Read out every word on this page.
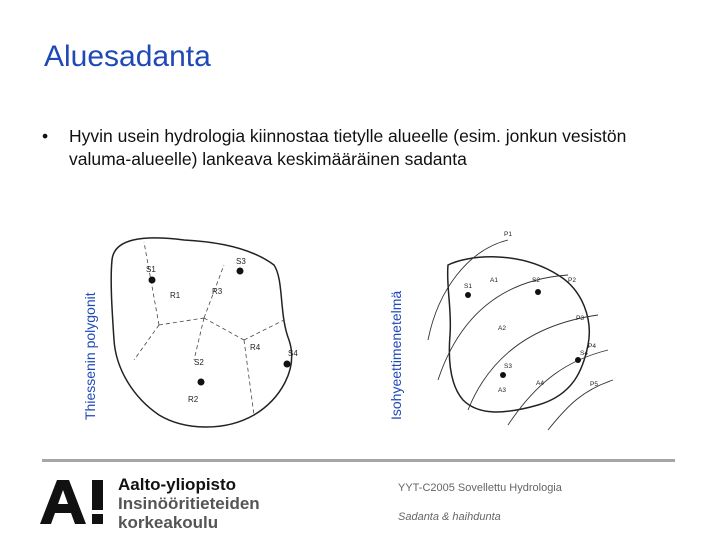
Aluesadanta
• Hyvin usein hydrologia kiinnostaa tietylle alueelle (esim. jonkun vesistön valuma-alueelle) lankeava keskimääräinen sadanta
Thiessenin polygonit	Isohyeettimenetelmä
S1
S2
S3
S4
R1
R2
R3
R4
A1
A2
A3
A4
S1
S2
S3
S4
P1
P2
P3
P4
P5
Aalto-yliopisto
Insinööritieteiden
korkeakoulu
YYT-C2005 Sovellettu Hydrologia
Sadanta & haihdunta
